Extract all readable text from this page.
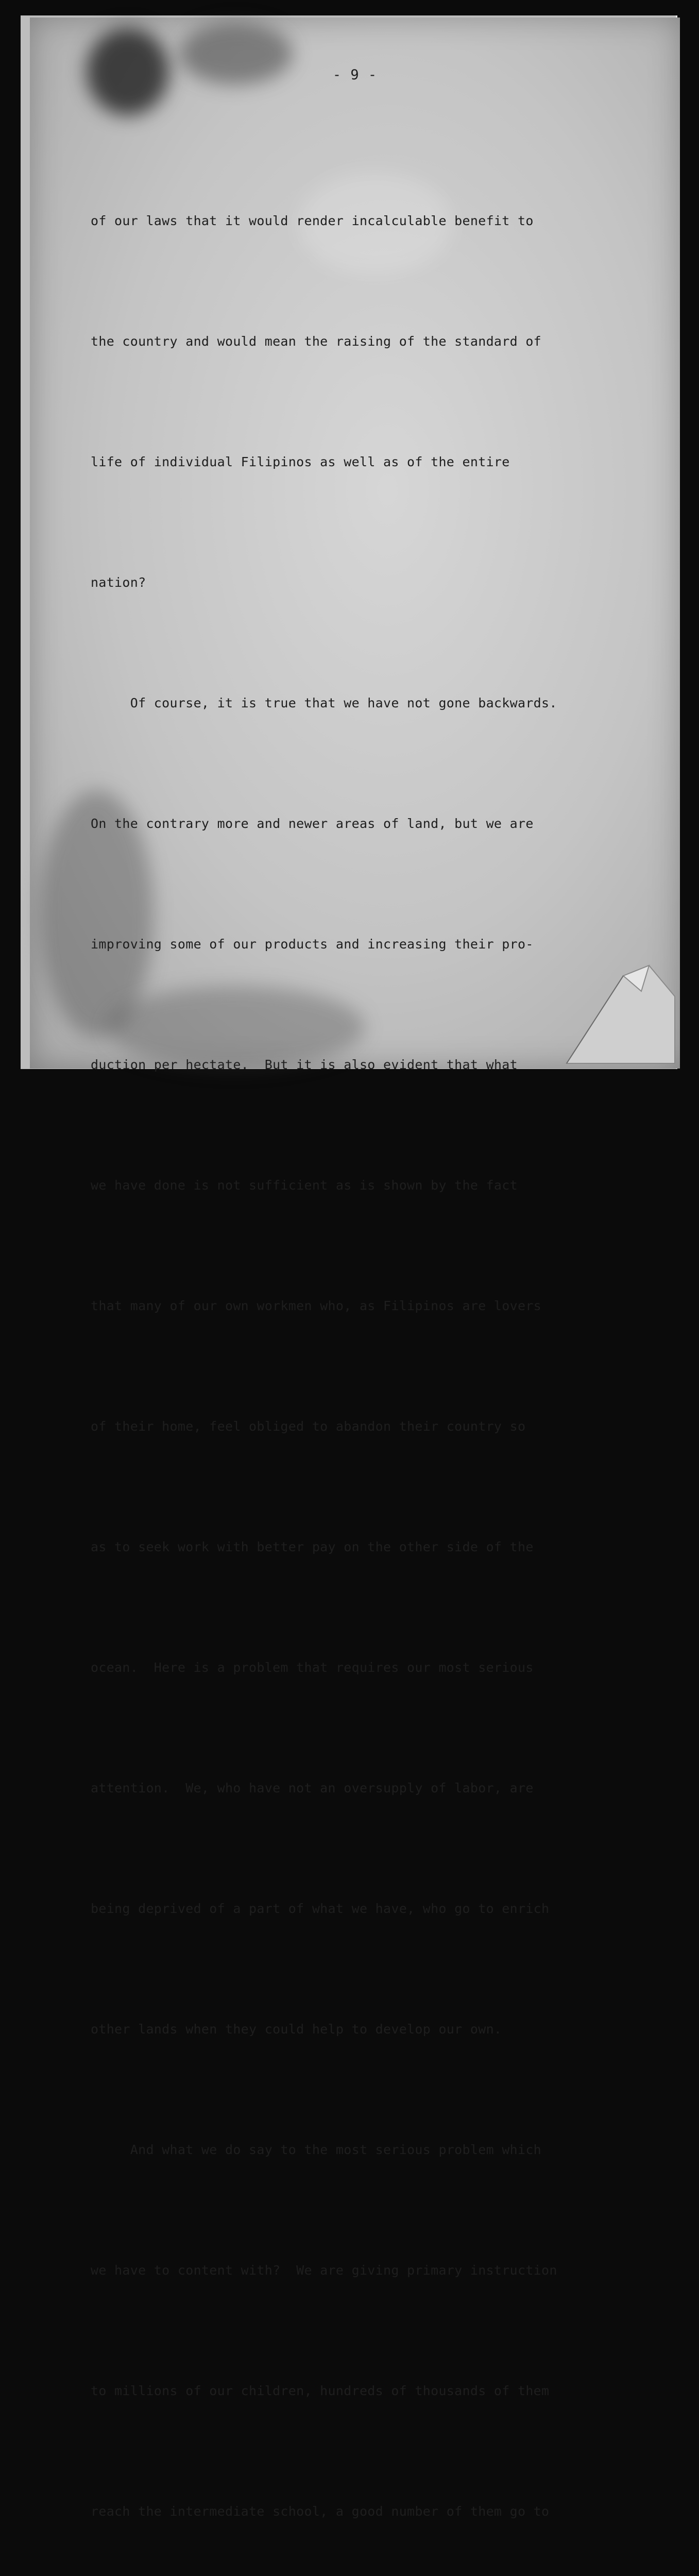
- 9 -

of our laws that it would render incalculable benefit to

the country and would mean the raising of the standard of

life of individual Filipinos as well as of the entire

nation?

Of course, it is true that we have not gone backwards.

On the contrary more and newer areas of land, but we are

improving some of our products and increasing their pro-

duction per hectate.  But it is also evident that what

we have done is not sufficient as is shown by the fact

that many of our own workmen who, as Filipinos are lovers

of their home, feel obliged to abandon their country so

as to seek work with better pay on the other side of the

ocean.  Here is a problem that requires our most serious

attention.  We, who have not an oversupply of labor, are

being deprived of a part of what we have, who go to enrich

other lands when they could help to develop our own.

And what we do say to the most serious problem which

we have to content with?  We are giving primary instruction

to millions of our children, hundreds of thousands of them

reach the intermediate school, a good number of them go to
